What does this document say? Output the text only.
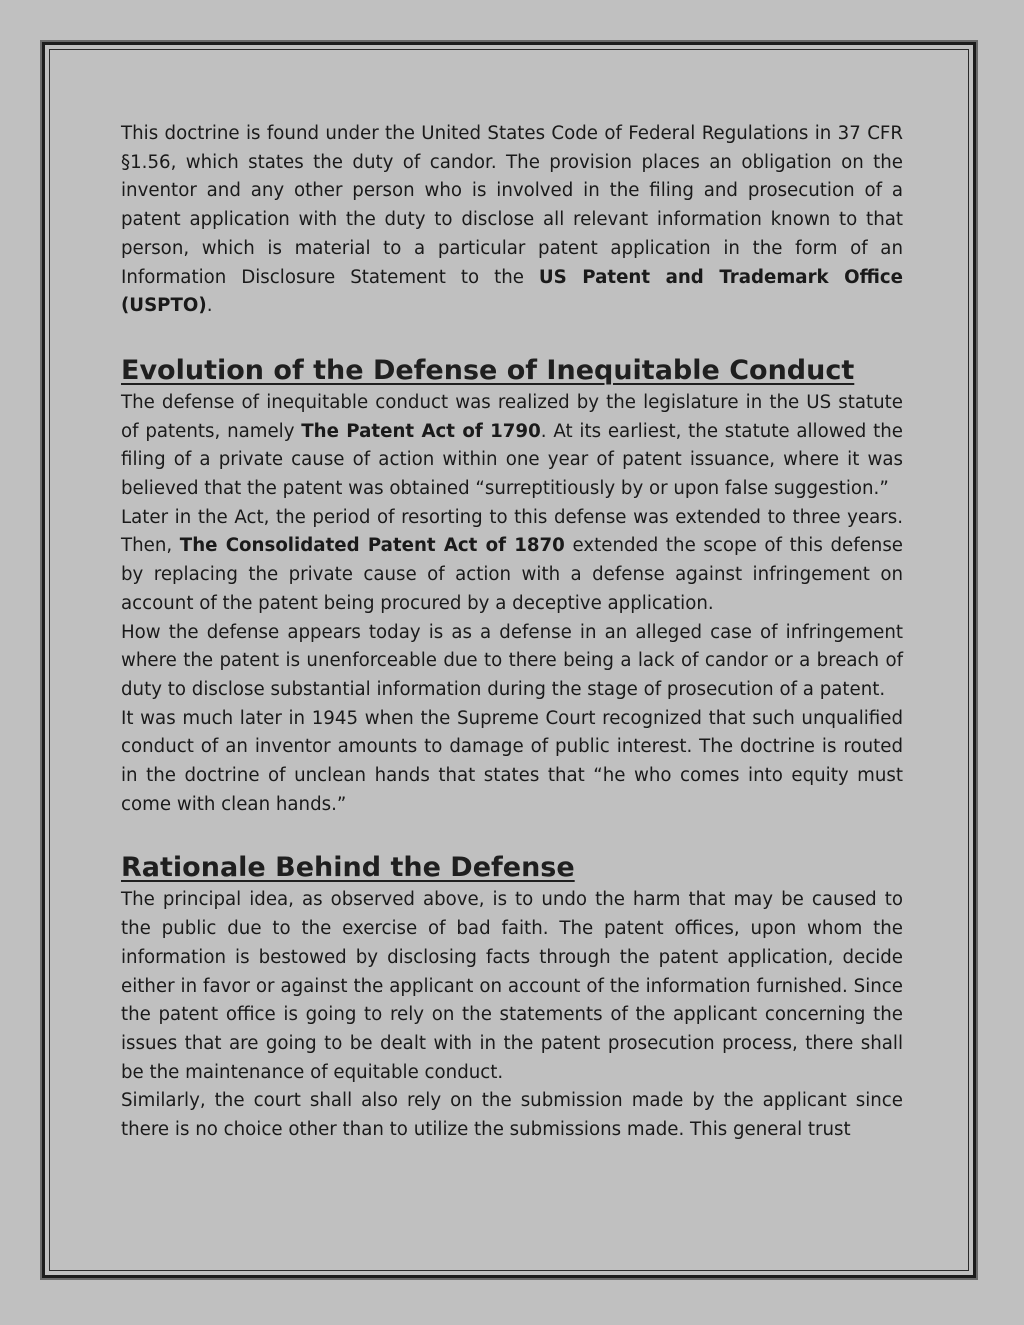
This doctrine is found under the United States Code of Federal Regulations in 37 CFR §1.56, which states the duty of candor. The provision places an obligation on the inventor and any other person who is involved in the filing and prosecution of a patent application with the duty to disclose all relevant information known to that person, which is material to a particular patent application in the form of an Information Disclosure Statement to the US Patent and Trademark Office (USPTO).

Evolution of the Defense of Inequitable Conduct

The defense of inequitable conduct was realized by the legislature in the US statute of patents, namely The Patent Act of 1790. At its earliest, the statute allowed the filing of a private cause of action within one year of patent issuance, where it was believed that the patent was obtained “surreptitiously by or upon false suggestion.”

Later in the Act, the period of resorting to this defense was extended to three years. Then, The Consolidated Patent Act of 1870 extended the scope of this defense by replacing the private cause of action with a defense against infringement on account of the patent being procured by a deceptive application.

How the defense appears today is as a defense in an alleged case of infringement where the patent is unenforceable due to there being a lack of candor or a breach of duty to disclose substantial information during the stage of prosecution of a patent.

It was much later in 1945 when the Supreme Court recognized that such unqualified conduct of an inventor amounts to damage of public interest. The doctrine is routed in the doctrine of unclean hands that states that “he who comes into equity must come with clean hands.”

Rationale Behind the Defense

The principal idea, as observed above, is to undo the harm that may be caused to the public due to the exercise of bad faith. The patent offices, upon whom the information is bestowed by disclosing facts through the patent application, decide either in favor or against the applicant on account of the information furnished. Since the patent office is going to rely on the statements of the applicant concerning the issues that are going to be dealt with in the patent prosecution process, there shall be the maintenance of equitable conduct.

Similarly, the court shall also rely on the submission made by the applicant since there is no choice other than to utilize the submissions made. This general trust
